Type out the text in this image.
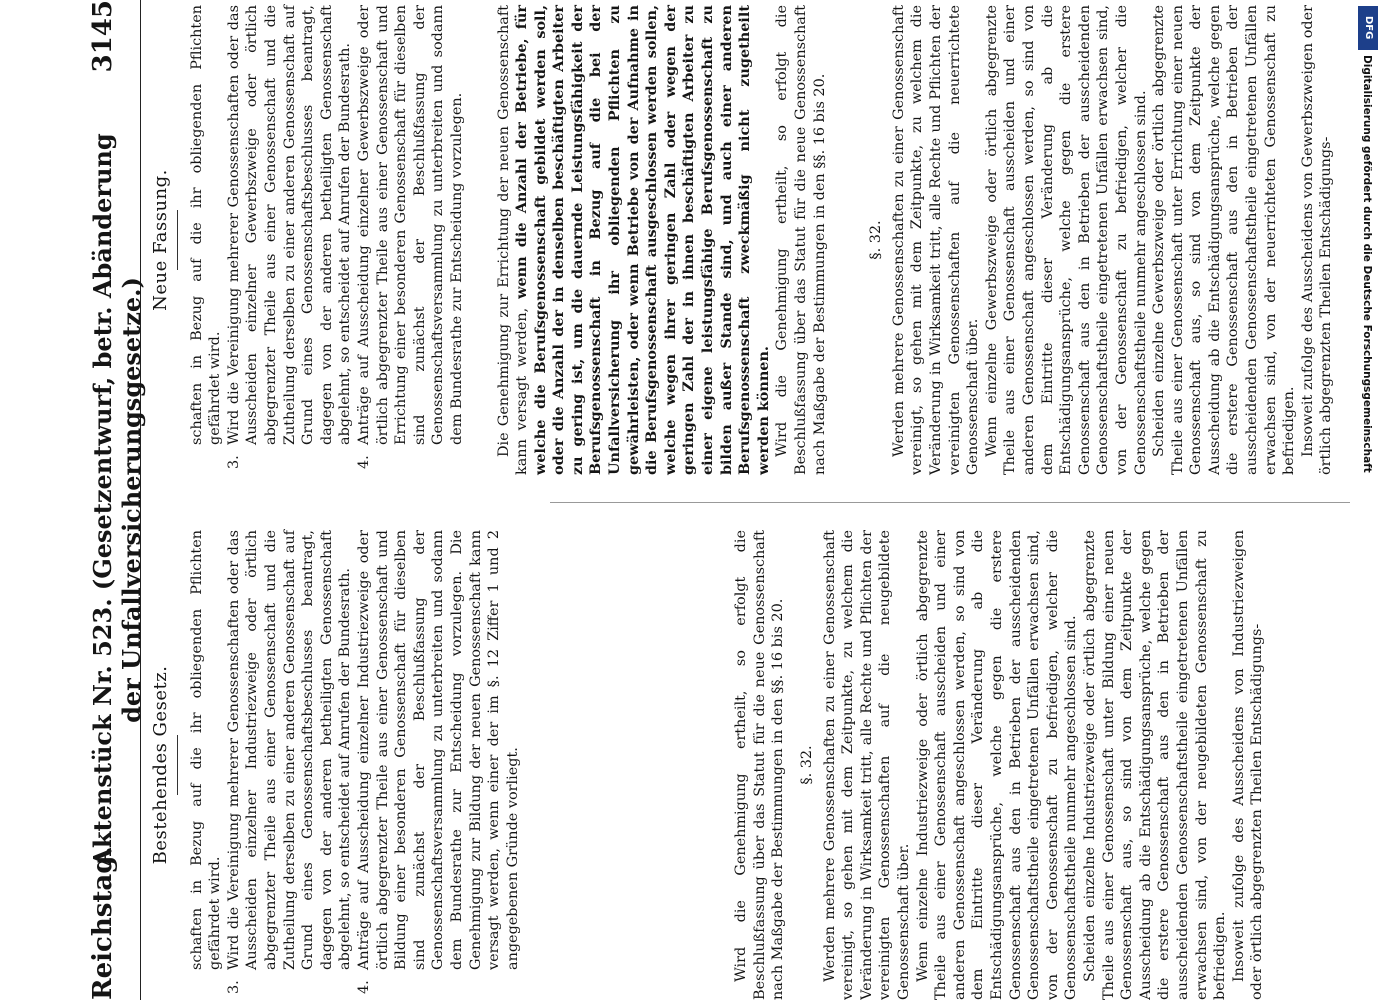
Reichstag.
Aktenstück Nr. 523. (Gesetzentwurf, betr. Abänderung der Unfallversicherungsgesetze.)
3145
Bestehendes Gesetz. schaften in Bezug auf die ihr obliegenden Pflichten gefährdet wird.

3.
Wird die Vereinigung mehrerer Genossenschaften oder das Ausscheiden einzelner Industriezweige oder örtlich abgegrenzter Theile aus einer Genossenschaft und die Zutheilung derselben zu einer anderen Genossenschaft auf Grund eines Genossenschaftsbeschlusses beantragt, dagegen von der anderen betheiligten Genossenschaft abgelehnt, so entscheidet auf Anrufen der Bundesrath.

4.
Anträge auf Ausscheidung einzelner Industriezweige oder örtlich abgegrenzter Theile aus einer Genossenschaft und Bildung einer besonderen Genossenschaft für dieselben sind zunächst der Beschlußfassung der Genossenschaftsversammlung zu unterbreiten und sodann dem Bundesrathe zur Entscheidung vorzulegen. Die Genehmigung zur Bildung der neuen Genossenschaft kann versagt werden, wenn einer der im §. 12 Ziffer 1 und 2 angegebenen Gründe vorliegt.	Wird die Genehmigung ertheilt, so erfolgt die Beschlußfassung über das Statut für die neue Genossenschaft nach Maßgabe der Bestimmungen in den §§. 16 bis 20. §. 32. Werden mehrere Genossenschaften zu einer Genossenschaft vereinigt, so gehen mit dem Zeitpunkte, zu welchem die Veränderung in Wirksamkeit tritt, alle Rechte und Pflichten der vereinigten Genossenschaften auf die neugebildete Genossenschaft über. Wenn einzelne Industriezweige oder örtlich abgegrenzte Theile aus einer Genossenschaft ausscheiden und einer anderen Genossenschaft angeschlossen werden, so sind von dem Eintritte dieser Veränderung ab die Entschädigungsansprüche, welche gegen die erstere Genossenschaft aus den in Betrieben der ausscheidenden Genossenschaftstheile eingetretenen Unfällen erwachsen sind, von der Genossenschaft zu befriedigen, welcher die Genossenschaftstheile nunmehr angeschlossen sind. Scheiden einzelne Industriezweige oder örtlich abgegrenzte Theile aus einer Genossenschaft unter Bildung einer neuen Genossenschaft aus, so sind von dem Zeitpunkte der Ausscheidung ab die Entschädigungsansprüche, welche gegen die erstere Genossenschaft aus den in Betrieben der ausscheidenden Genossenschaftstheile eingetretenen Unfällen erwachsen sind, von der neugebildeten Genossenschaft zu befriedigen. Insoweit zufolge des Ausscheidens von Industriezweigen oder örtlich abgegrenzten Theilen Entschädigungs-

Neue Fassung. schaften in Bezug auf die ihr obliegenden Pflichten gefährdet wird.

3.
Wird die Vereinigung mehrerer Genossenschaften oder das Ausscheiden einzelner Gewerbszweige oder örtlich abgegrenzter Theile aus einer Genossenschaft und die Zutheilung derselben zu einer anderen Genossenschaft auf Grund eines Genossenschaftsbeschlusses beantragt, dagegen von der anderen betheiligten Genossenschaft abgelehnt, so entscheidet auf Anrufen der Bundesrath.

4.
Anträge auf Ausscheidung einzelner Gewerbszweige oder örtlich abgegrenzter Theile aus einer Genossenschaft und Errichtung einer besonderen Genossenschaft für dieselben sind zunächst der Beschlußfassung der Genossenschaftsversammlung zu unterbreiten und sodann dem Bundesrathe zur Entscheidung vorzulegen. Die Genehmigung zur Errichtung der neuen Genossenschaft kann versagt werden, wenn die Anzahl der Betriebe, für welche die Berufsgenossenschaft gebildet werden soll, oder die Anzahl der in denselben beschäftigten Arbeiter zu gering ist, um die dauernde Leistungsfähigkeit der Berufsgenossenschaft in Bezug auf die bei der Unfallversicherung ihr obliegenden Pflichten zu gewährleisten, oder wenn Betriebe von der Aufnahme in die Berufsgenossenschaft ausgeschlossen werden sollen, welche wegen ihrer geringen Zahl oder wegen der geringen Zahl der in ihnen beschäftigten Arbeiter zu einer eigene leistungsfähige Berufsgenossenschaft zu bilden außer Stande sind, und auch einer anderen Berufsgenossenschaft zweckmäßig nicht zugetheilt werden können. Wird die Genehmigung ertheilt, so erfolgt die Beschlußfassung über das Statut für die neue Genossenschaft nach Maßgabe der Bestimmungen in den §§. 16 bis 20.	§. 32. Werden mehrere Genossenschaften zu einer Genossenschaft vereinigt, so gehen mit dem Zeitpunkte, zu welchem die Veränderung in Wirksamkeit tritt, alle Rechte und Pflichten der vereinigten Genossenschaften auf die neuerrichtete Genossenschaft über. Wenn einzelne Gewerbszweige oder örtlich abgegrenzte Theile aus einer Genossenschaft ausscheiden und einer anderen Genossenschaft angeschlossen werden, so sind von dem Eintritte dieser Veränderung ab die Entschädigungsansprüche, welche gegen die erstere Genossenschaft aus den in Betrieben der ausscheidenden Genossenschaftstheile eingetretenen Unfällen erwachsen sind, von der Genossenschaft zu befriedigen, welcher die Genossenschaftstheile nunmehr angeschlossen sind. Scheiden einzelne Gewerbszweige oder örtlich abgegrenzte Theile aus einer Genossenschaft unter Errichtung einer neuen Genossenschaft aus, so sind von dem Zeitpunkte der Ausscheidung ab die Entschädigungsansprüche, welche gegen die erstere Genossenschaft aus den in Betrieben der ausscheidenden Genossenschaftstheile eingetretenen Unfällen erwachsen sind, von der neuerrichteten Genossenschaft zu befriedigen. Insoweit zufolge des Ausscheidens von Gewerbszweigen oder örtlich abgegrenzten Theilen Entschädigungs-

DFG
Digitalisierung gefördert durch die Deutsche Forschungsgemeinschaft
